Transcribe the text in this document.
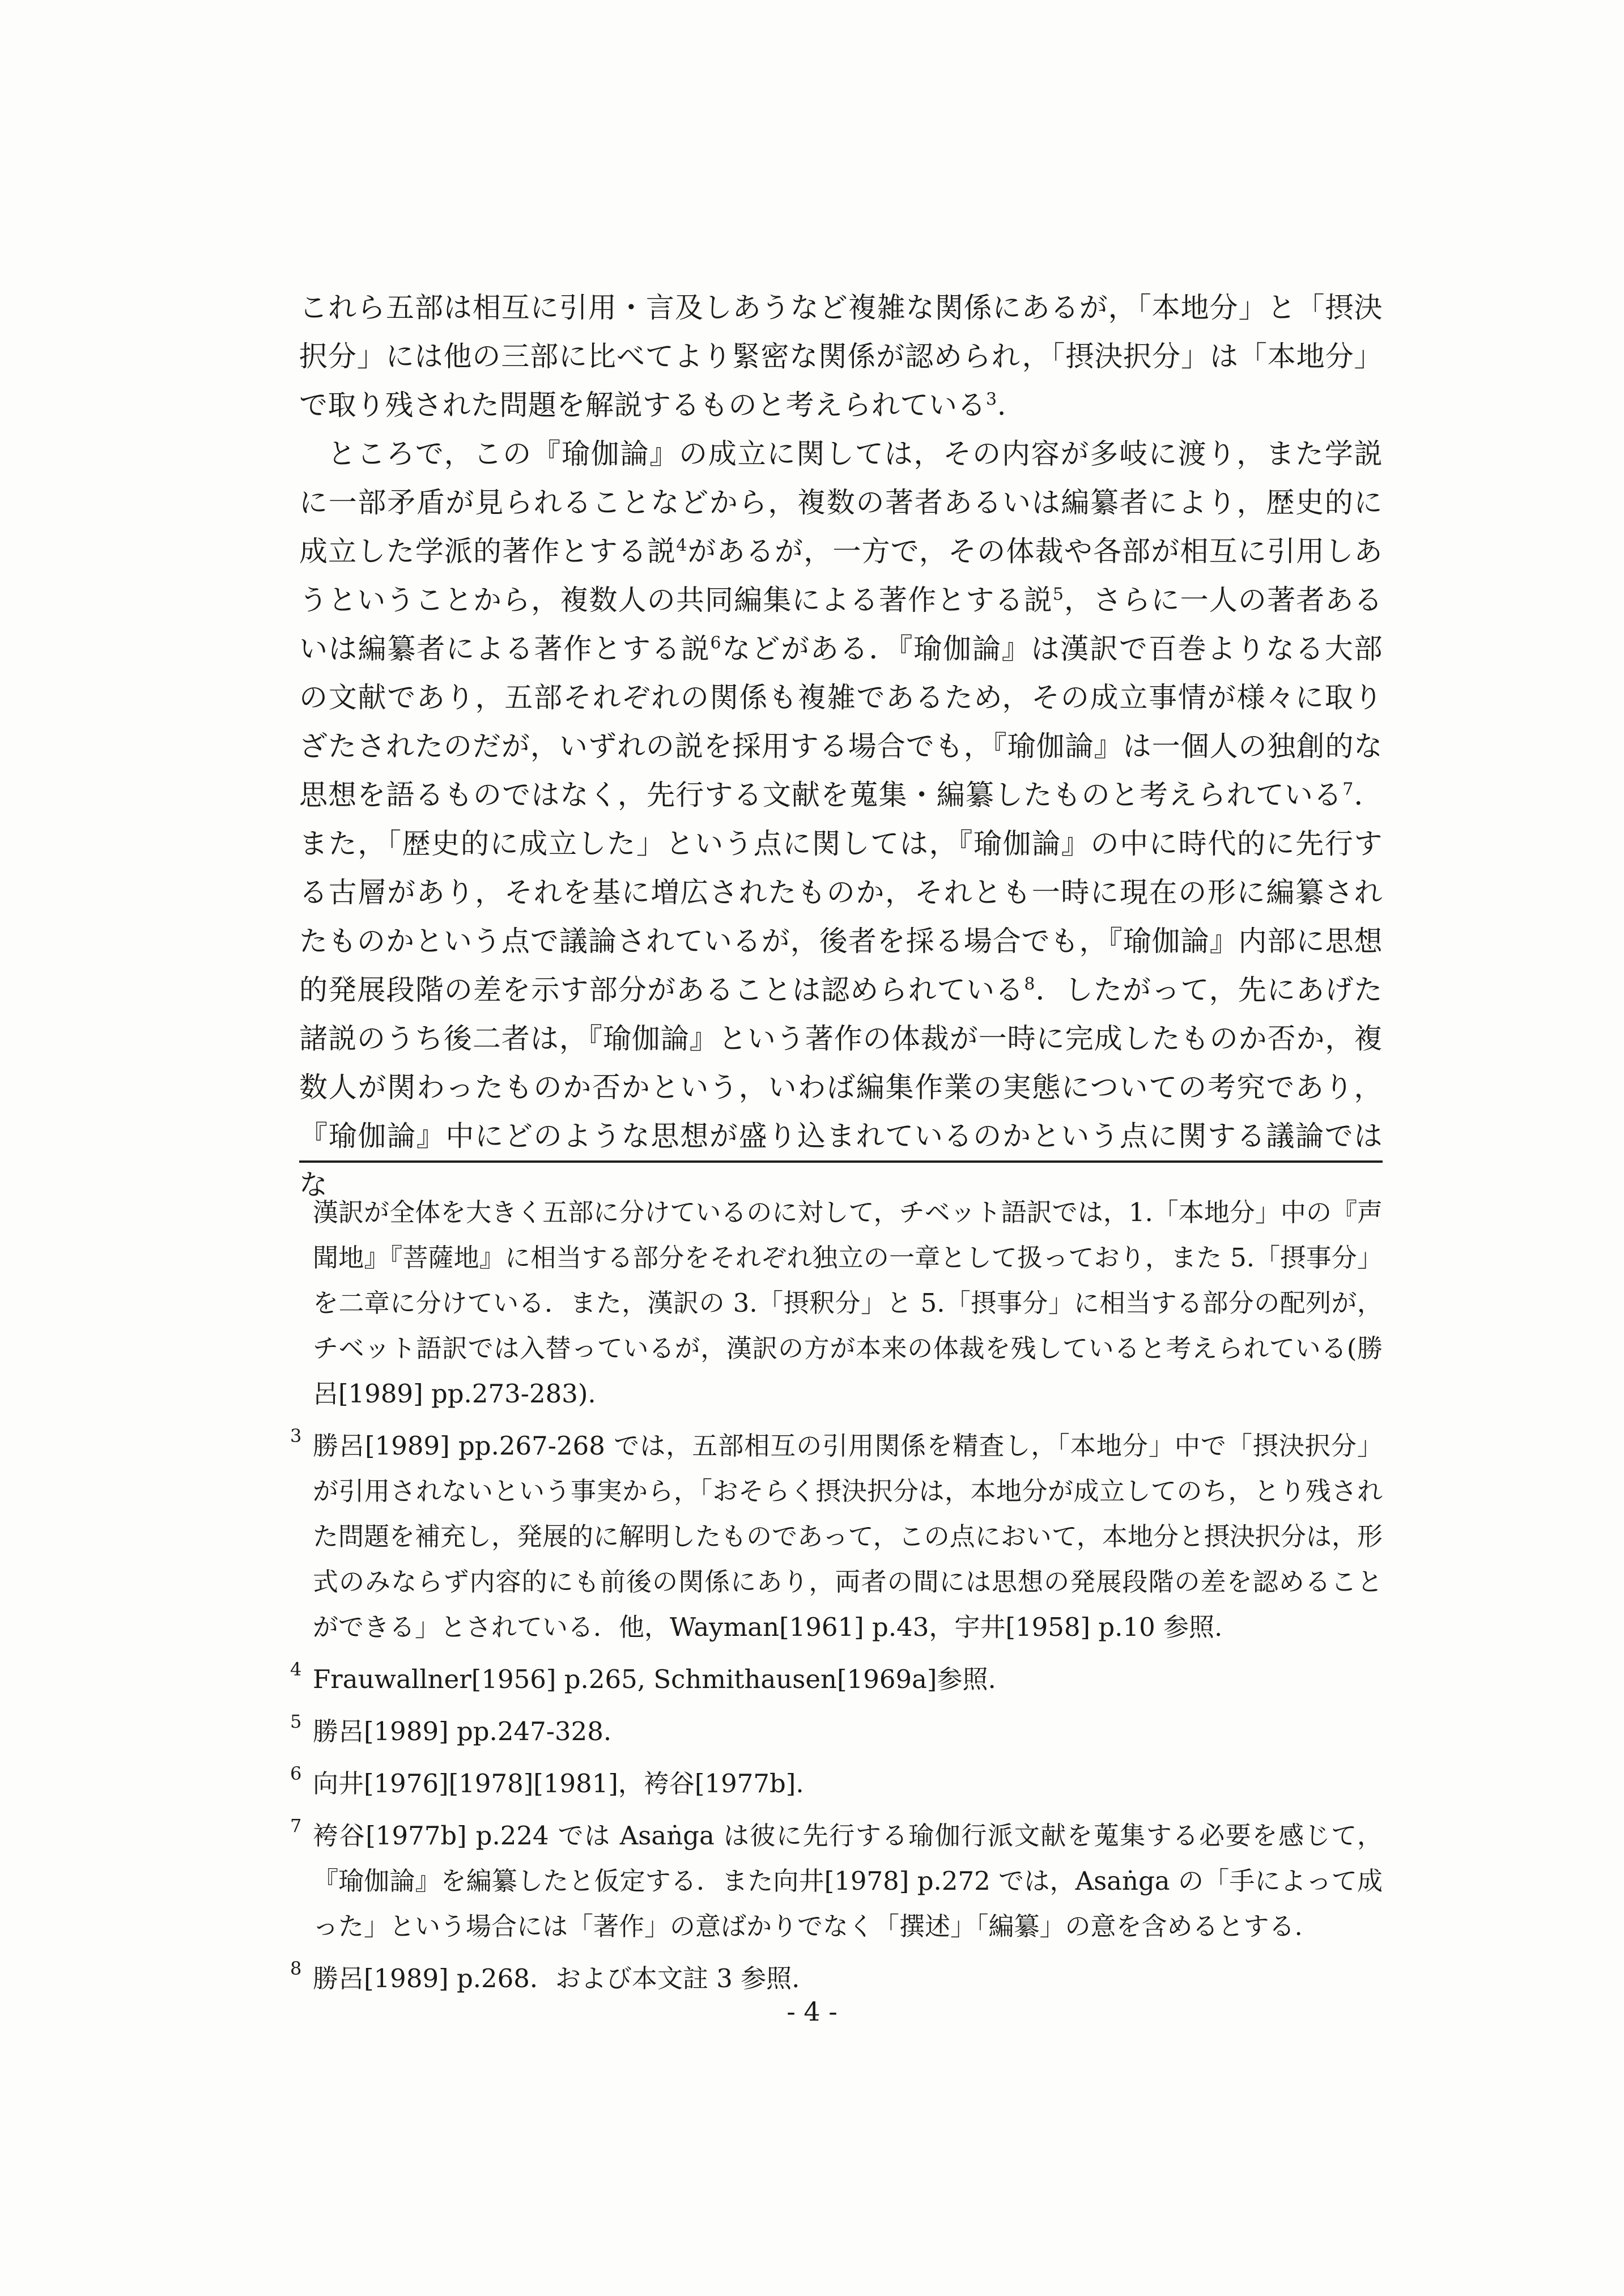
これら五部は相互に引用・言及しあうなど複雑な関係にあるが，「本地分」と「摂決択分」には他の三部に比べてより緊密な関係が認められ，「摂決択分」は「本地分」で取り残された問題を解説するものと考えられている$^3$.

ところで，この『瑜伽論』の成立に関しては，その内容が多岐に渡り，また学説に一部矛盾が見られることなどから，複数の著者あるいは編纂者により，歴史的に成立した学派的著作とする説$^4$があるが，一方で，その体裁や各部が相互に引用しあうということから，複数人の共同編集による著作とする説$^5$，さらに一人の著者あるいは編纂者による著作とする説$^6$などがある．『瑜伽論』は漢訳で百巻よりなる大部の文献であり，五部それぞれの関係も複雑であるため，その成立事情が様々に取りざたされたのだが，いずれの説を採用する場合でも，『瑜伽論』は一個人の独創的な思想を語るものではなく，先行する文献を蒐集・編纂したものと考えられている$^7$．また，「歴史的に成立した」という点に関しては，『瑜伽論』の中に時代的に先行する古層があり，それを基に増広されたものか，それとも一時に現在の形に編纂されたものかという点で議論されているが，後者を採る場合でも，『瑜伽論』内部に思想的発展段階の差を示す部分があることは認められている$^8$．したがって，先にあげた諸説のうち後二者は，『瑜伽論』という著作の体裁が一時に完成したものか否か，複数人が関わったものか否かという，いわば編集作業の実態についての考究であり，『瑜伽論』中にどのような思想が盛り込まれているのかという点に関する議論ではな

漢訳が全体を大きく五部に分けているのに対して，チベット語訳では，1.「本地分」中の『声聞地』『菩薩地』に相当する部分をそれぞれ独立の一章として扱っており，また 5.「摂事分」を二章に分けている．また，漢訳の 3.「摂釈分」と 5.「摂事分」に相当する部分の配列が，チベット語訳では入替っているが，漢訳の方が本来の体裁を残していると考えられている(勝呂[1989] pp.273-283).

3 勝呂[1989] pp.267-268 では，五部相互の引用関係を精査し，「本地分」中で「摂決択分」が引用されないという事実から，「おそらく摂決択分は，本地分が成立してのち，とり残された問題を補充し，発展的に解明したものであって，この点において，本地分と摂決択分は，形式のみならず内容的にも前後の関係にあり，両者の間には思想の発展段階の差を認めることができる」とされている．他，Wayman[1961] p.43，宇井[1958] p.10 参照.

4 Frauwallner[1956] p.265, Schmithausen[1969a]参照.

5 勝呂[1989] pp.247-328.

6 向井[1976][1978][1981]，袴谷[1977b].

7 袴谷[1977b] p.224 では Asaṅga は彼に先行する瑜伽行派文献を蒐集する必要を感じて，『瑜伽論』を編纂したと仮定する．また向井[1978] p.272 では，Asaṅga の「手によって成った」という場合には「著作」の意ばかりでなく「撰述」「編纂」の意を含めるとする.

8 勝呂[1989] p.268．および本文註 3 参照.

- 4 -
